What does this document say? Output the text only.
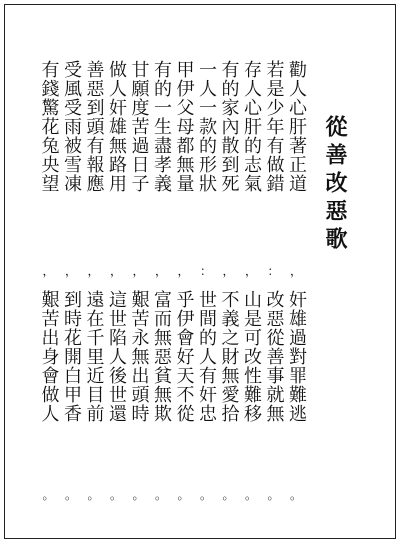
從善改惡歌
勸人心肝著正道
，
奸雄過對罪難逃
。
若是少年有做錯
：
改惡從善事就無
。
存人心肝的志氣
，
山是可改性難移
。
有的家內散到死
，
不義之財無愛拾
。
一人一款的形狀
：
世間的人有奸忠
。
甲伊父母都無量
，
乎伊會好天不從
。
有的一生盡孝義
，
富而無惡貧無欺
。
甘願度苦過日子
，
艱苦永無出頭時
。
做人奸雄無路用
，
這世陷人後世還
。
善惡到頭有報應
，
遠在千里近目前
。
受風受雨被雪凍
，
到時花開白甲香
。
有錢驚花兔央望
，
艱苦出身會做人
。
